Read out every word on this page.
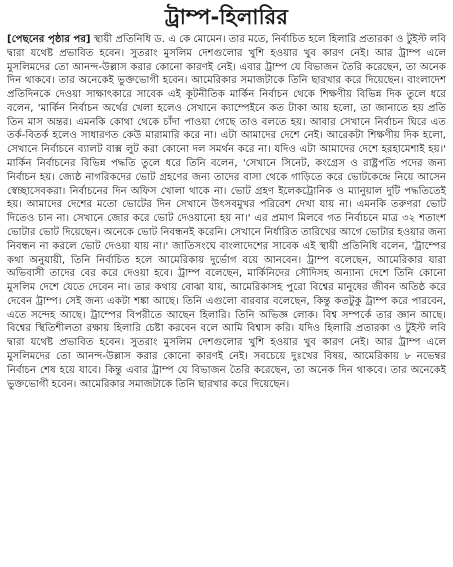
ট্রাম্প-হিলারির

[পেছনের পৃষ্ঠার পর] স্থায়ী প্রতিনিধি ড. এ কে মোমেন। তার মতে, নির্বাচিত হলে হিলারি প্রতারকা ও টুইস্ট লবি দ্বারা যথেষ্ট প্রভাবিত হবেন। সুতরাং মুসলিম দেশগুলোর খুশি হওয়ার খুব কারণ নেই। আর ট্রাম্প এলে মুসলিমদের তো আনন্দ-উল্লাস করার কোনো কারণই নেই। এবার ট্রাম্প যে বিভাজন তৈরি করেছেন, তা অনেক দিন থাকবে। তার অনেকেই ভুক্তভোগী হবেন। আমেরিকার সমাজটাকে তিনি ছারখার করে দিয়েছেন। বাংলাদেশ প্রতিদিনকে দেওয়া সাক্ষাৎকারে সাবেক এই কূটনীতিক মার্কিন নির্বাচন থেকে শিক্ষণীয় বিভিন্ন দিক তুলে ধরে বলেন, 'মার্কিন নির্বাচন অর্থের খেলা হলেও সেখানে ক্যাম্পেইনে কত টাকা আয় হলো, তা জানাতে হয় প্রতি তিন মাস অন্তর। এমনকি কোথা থেকে চাঁদা পাওয়া গেছে তাও বলতে হয়। আবার সেখানে নির্বাচন ঘিরে এত তর্ক-বিতর্ক হলেও সাধারণত কেউ মারামারি করে না। এটা আমাদের দেশে নেই। আরেকটা শিক্ষণীয় দিক হলো, সেখানে নির্বাচনে ব্যালট বাক্স লুট করা কোনো দল সমর্থন করে না। যদিও এটা আমাদের দেশে হরহামেশাই হয়।' মার্কিন নির্বাচনের বিভিন্ন পদ্ধতি তুলে ধরে তিনি বলেন, 'সেখানে সিনেট, কংগ্রেস ও রাষ্ট্রপতি পদের জন্য নির্বাচন হয়। জ্যেষ্ঠ নাগরিকদের ভোট গ্রহণের জন্য তাদের বাসা থেকে গাড়িতে করে ভোটকেন্দ্রে নিয়ে আসেন স্বেচ্ছাসেবকরা। নির্বাচনের দিন অফিস খোলা থাকে না। ভোট গ্রহণ ইলেকট্রোনিক ও ম্যানুয়াল দুটি পদ্ধতিতেই হয়। আমাদের দেশের মতো ভোটের দিন সেখানে উৎসবমুখর পরিবেশ দেখা যায় না। এমনকি তরুণরা ভোট দিতেও চান না। সেখানে জোর করে ভোট দেওয়ানো হয় না।' এর প্রমাণ মিলবে গত নির্বাচনে মাত্র ৩২ শতাংশ ভোটার ভোট দিয়েছেন। অনেকে ভোট নিবন্ধনই করেনি। সেখানে নির্ধারিত তারিখের আগে ভোটার হওয়ার জন্য নিবন্ধন না করলে ভোট দেওয়া যায় না।' জাতিসংঘে বাংলাদেশের সাবেক এই স্থায়ী প্রতিনিধি বলেন, 'ট্রাম্পের কথা অনুযায়ী, তিনি নির্বাচিত হলে আমেরিকায় দুর্ভোগ বয়ে আনবেন। ট্রাম্প বলেছেন, আমেরিকার যারা অভিবাসী তাদের বের করে দেওয়া হবে। ট্রাম্প বলেছেন, মার্কিনিদের সৌদিসহ অন্যান্য দেশে তিনি কোনো মুসলিম দেশে যেতে দেবেন না। তার কথায় বোঝা যায়, আমেরিকাসহ পুরো বিশ্বের মানুষের জীবন অতিষ্ঠ করে দেবেন ট্রাম্প। সেই জন্য একটা শঙ্কা আছে। তিনি এগুলো বারবার বলেছেন, কিন্তু কতটুকু ট্রাম্প করে পারবেন, এতে সন্দেহ আছে। ট্রাম্পের বিপরীতে আছেন হিলারি। তিনি অভিজ্ঞ লোক। বিশ্ব সম্পর্কে তার জ্ঞান আছে। বিশ্বের স্থিতিশীলতা রক্ষায় হিলারি চেষ্টা করবেন বলে আমি বিশ্বাস করি। যদিও হিলারি প্রতারকা ও টুইস্ট লবি দ্বারা যথেষ্ট প্রভাবিত হবেন। সুতরাং মুসলিম দেশগুলোর খুশি হওয়ার খুব কারণ নেই। আর ট্রাম্প এলে মুসলিমদের তো আনন্দ-উল্লাস করার কোনো কারণই নেই। সবচেয়ে দুঃখের বিষয়, আমেরিকায় ৮ নভেম্বর নির্বাচন শেষ হয়ে যাবে। কিন্তু এবার ট্রাম্প যে বিভাজন তৈরি করেছেন, তা অনেক দিন থাকবে। তার অনেকেই ভুক্তভোগী হবেন। আমেরিকার সমাজটাকে তিনি ছারখার করে দিয়েছেন।
